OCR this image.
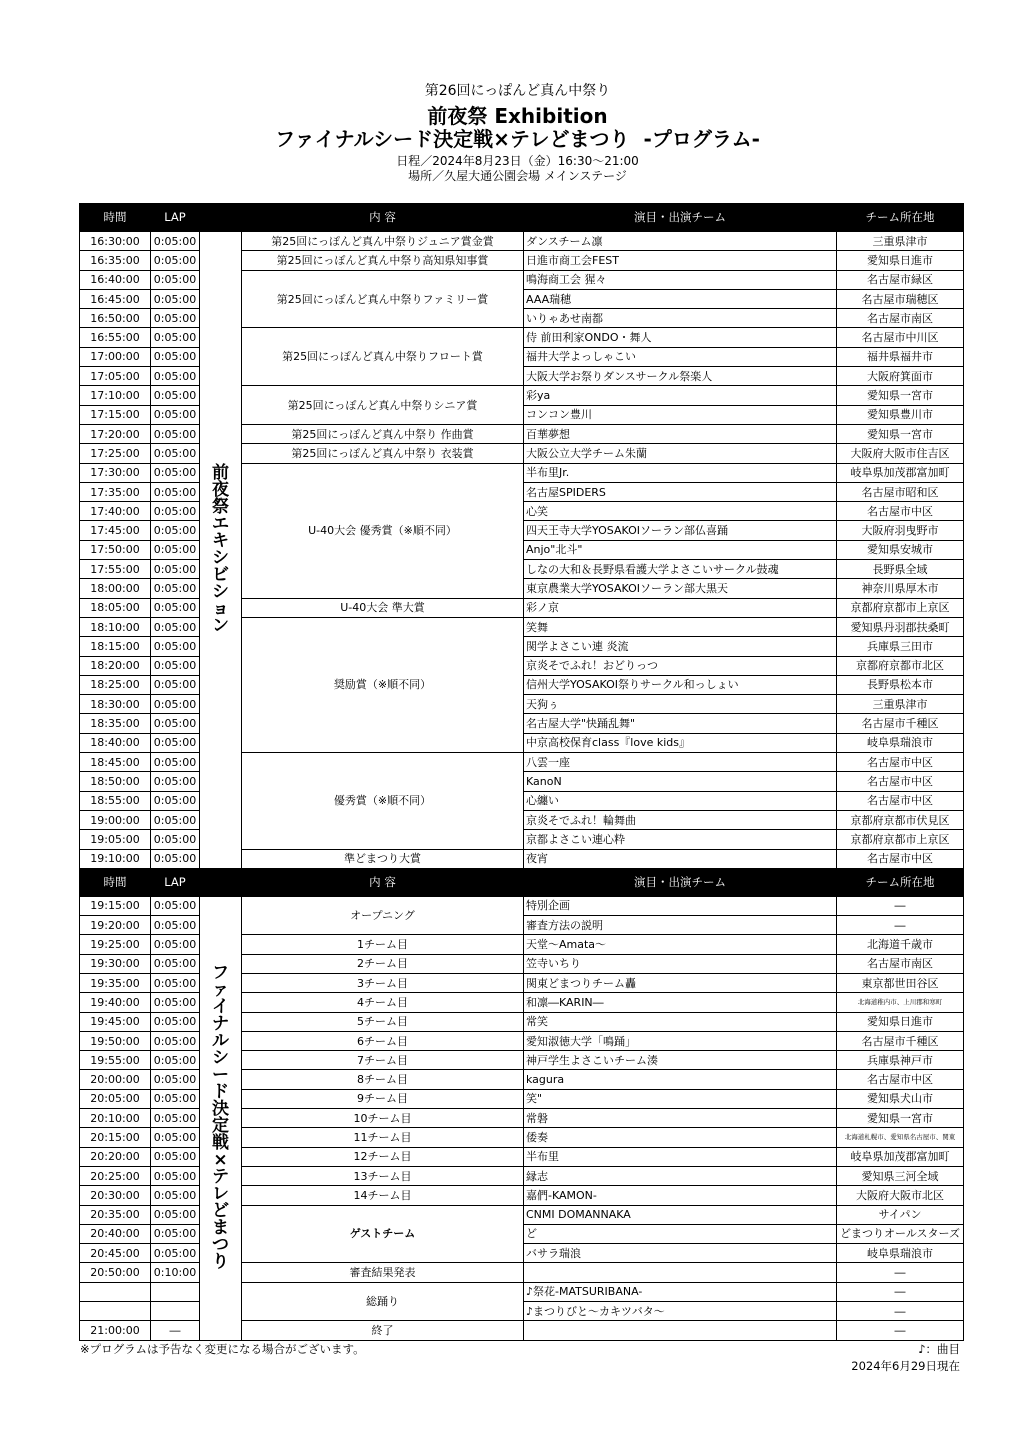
第26回にっぽんど真ん中祭り
前夜祭 Exhibition
ファイナルシード決定戦×テレどまつり -プログラム-
日程／2024年8月23日（金）16:30～21:00
場所／久屋大通公園会場 メインステージ
時間	LAP		内 容	演目・出演チーム	チーム所在地
16:30:00	0:05:00	前夜祭 エキシビション	第25回にっぽんど真ん中祭りジュニア賞金賞	ダンスチーム凛	三重県津市
16:35:00	0:05:00		第25回にっぽんど真ん中祭り高知県知事賞	日進市商工会FEST	愛知県日進市
16:40:00	0:05:00		第25回にっぽんど真ん中祭りファミリー賞	鳴海商工会 猩々	名古屋市緑区
16:45:00	0:05:00			AAA瑞穂	名古屋市瑞穂区
16:50:00	0:05:00			いりゃあせ南都	名古屋市南区
16:55:00	0:05:00		第25回にっぽんど真ん中祭りフロート賞	侍 前田利家ONDO・舞人	名古屋市中川区
17:00:00	0:05:00			福井大学よっしゃこい	福井県福井市
17:05:00	0:05:00			大阪大学お祭りダンスサークル祭楽人	大阪府箕面市
17:10:00	0:05:00		第25回にっぽんど真ん中祭りシニア賞	彩ya	愛知県一宮市
17:15:00	0:05:00			コンコン豊川	愛知県豊川市
17:20:00	0:05:00		第25回にっぽんど真ん中祭り 作曲賞	百華夢想	愛知県一宮市
17:25:00	0:05:00		第25回にっぽんど真ん中祭り 衣装賞	大阪公立大学チーム朱蘭	大阪府大阪市住吉区
17:30:00	0:05:00		U-40大会 優秀賞（※順不同）	半布里Jr.	岐阜県加茂郡富加町
17:35:00	0:05:00			名古屋SPIDERS	名古屋市昭和区
17:40:00	0:05:00			心笑	名古屋市中区
17:45:00	0:05:00			四天王寺大学YOSAKOIソーラン部仏喜踊	大阪府羽曳野市
17:50:00	0:05:00			Anjo"北斗"	愛知県安城市
17:55:00	0:05:00			しなの大和＆長野県看護大学よさこいサークル鼓魂	長野県全域
18:00:00	0:05:00			東京農業大学YOSAKOIソーラン部大黒天	神奈川県厚木市
18:05:00	0:05:00		U-40大会 準大賞	彩ノ京	京都府京都市上京区
18:10:00	0:05:00		奨励賞（※順不同）	笑舞	愛知県丹羽郡扶桑町
18:15:00	0:05:00			関学よさこい連 炎流	兵庫県三田市
18:20:00	0:05:00			京炎そでふれ！おどりっつ	京都府京都市北区
18:25:00	0:05:00			信州大学YOSAKOI祭りサークル和っしょい	長野県松本市
18:30:00	0:05:00			天狗ぅ	三重県津市
18:35:00	0:05:00			名古屋大学"快踊乱舞"	名古屋市千種区
18:40:00	0:05:00			中京高校保育class『love kids』	岐阜県瑞浪市
18:45:00	0:05:00		優秀賞（※順不同）	八雲一座	名古屋市中区
18:50:00	0:05:00			KanoN	名古屋市中区
18:55:00	0:05:00			心纏い	名古屋市中区
19:00:00	0:05:00			京炎そでふれ！輪舞曲	京都府京都市伏見区
19:05:00	0:05:00			京都よさこい連心粋	京都府京都市上京区
19:10:00	0:05:00		準どまつり大賞	夜宵	名古屋市中区
時間	LAP		内 容	演目・出演チーム	チーム所在地
19:15:00	0:05:00	ファイナルシード決定戦×テレどまつり	オープニング	特別企画	―
19:20:00	0:05:00			審査方法の説明	―
19:25:00	0:05:00		1チーム目	天堂～Amata～	北海道千歳市
19:30:00	0:05:00		2チーム目	笠寺いちり	名古屋市南区
19:35:00	0:05:00		3チーム目	関東どまつりチーム轟	東京都世田谷区
19:40:00	0:05:00		4チーム目	和凛―KARIN―	北海道稚内市、上川郡和寒町
19:45:00	0:05:00		5チーム目	常笑	愛知県日進市
19:50:00	0:05:00		6チーム目	愛知淑徳大学「鳴踊」	名古屋市千種区
19:55:00	0:05:00		7チーム目	神戸学生よさこいチーム湊	兵庫県神戸市
20:00:00	0:05:00		8チーム目	kagura	名古屋市中区
20:05:00	0:05:00		9チーム目	笑"	愛知県犬山市
20:10:00	0:05:00		10チーム目	常磐	愛知県一宮市
20:15:00	0:05:00		11チーム目	倭奏	北海道札幌市、愛知県名古屋市、関東
20:20:00	0:05:00		12チーム目	半布里	岐阜県加茂郡富加町
20:25:00	0:05:00		13チーム目	縁志	愛知県三河全域
20:30:00	0:05:00		14チーム目	嘉們-KAMON-	大阪府大阪市北区
20:35:00	0:05:00		ゲストチーム	CNMI DOMANNAKA	サイパン
20:40:00	0:05:00			ど	どまつりオールスターズ
20:45:00	0:05:00			バサラ瑞浪	岐阜県瑞浪市
20:50:00	0:10:00		審査結果発表		―
			総踊り	♪祭花-MATSURIBANA-	―
				♪まつりびと～カキツバタ～	―
21:00:00	―		終了		―
※プログラムは予告なく変更になる場合がございます。	♪：曲目
2024年6月29日現在
